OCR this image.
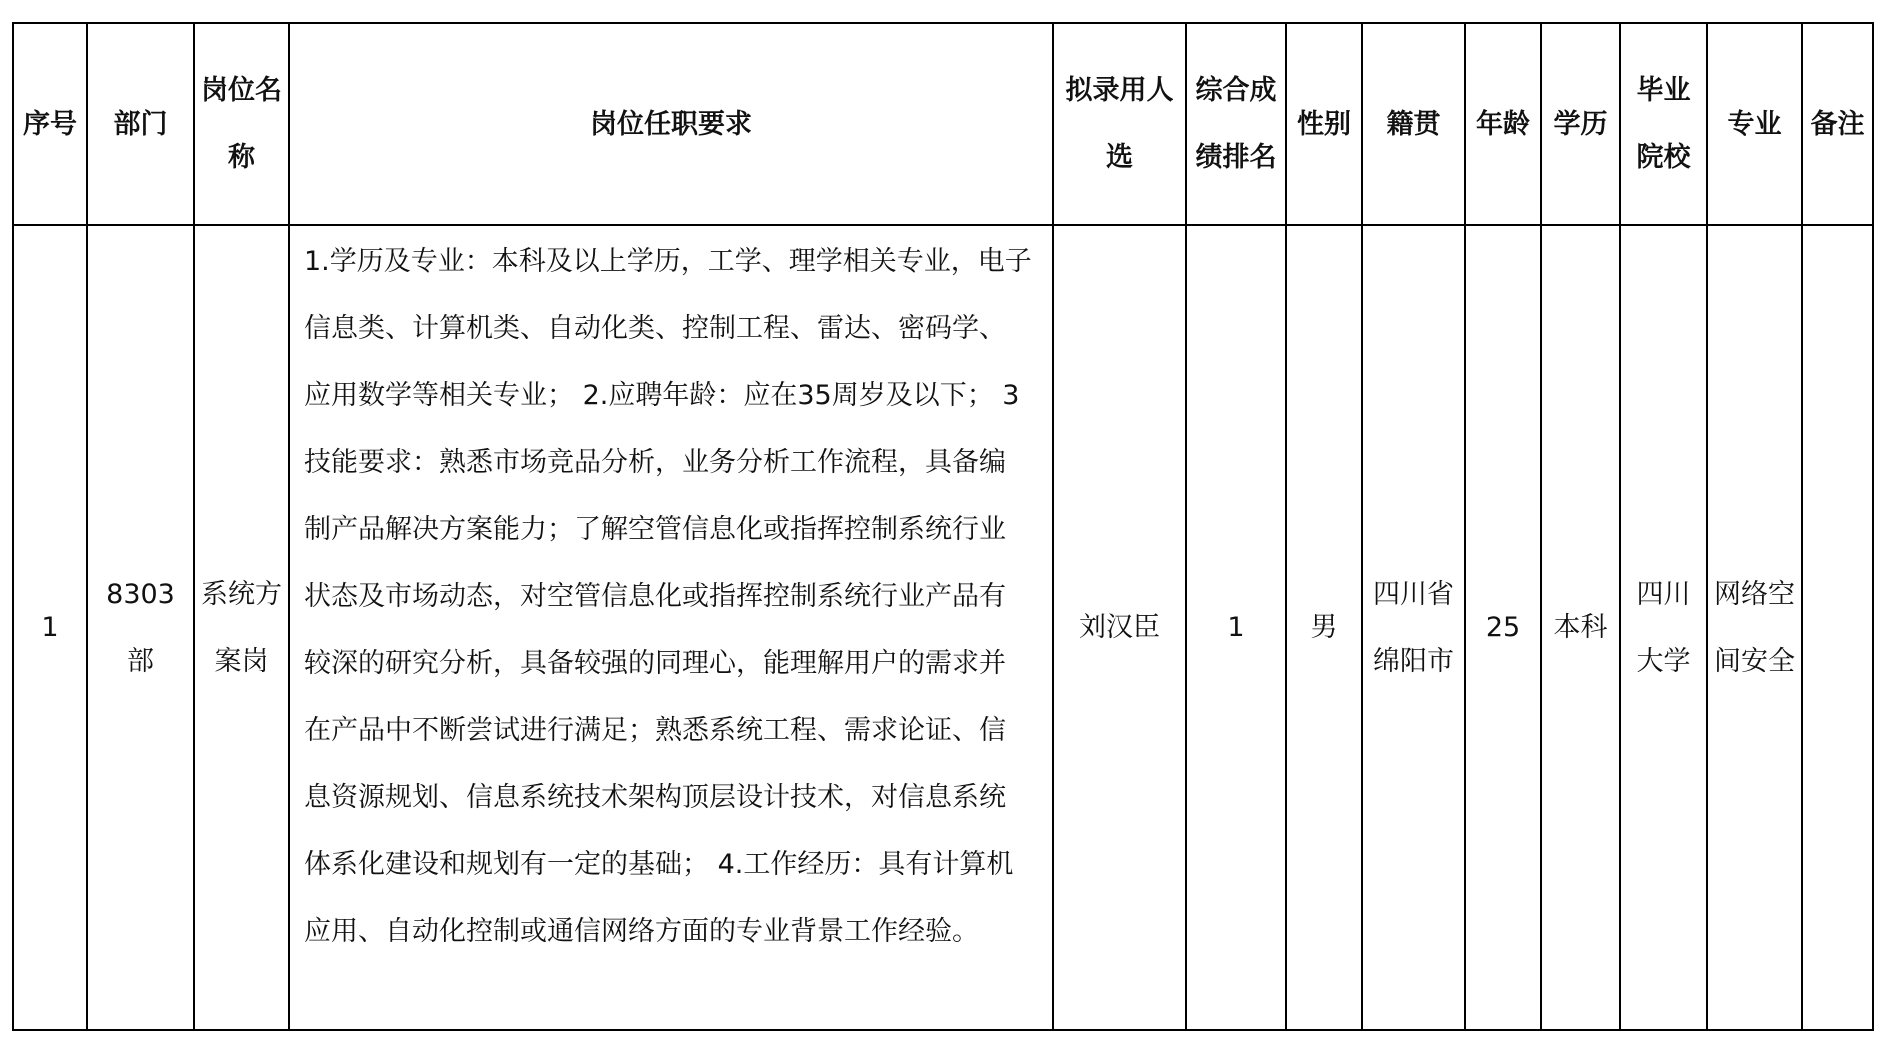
序号	部门	岗位名称	岗位任职要求	拟录用人选	综合成绩排名	性别	籍贯	年龄	学历	毕业院校	专业	备注
1	8303部	系统方案岗	1.学历及专业：本科及以上学历，工学、理学相关专业，电子信息类、计算机类、自动化类、控制工程、雷达、密码学、应用数学等相关专业； 2.应聘年龄：应在35周岁及以下； 3技能要求：熟悉市场竞品分析，业务分析工作流程，具备编制产品解决方案能力；了解空管信息化或指挥控制系统行业状态及市场动态，对空管信息化或指挥控制系统行业产品有较深的研究分析，具备较强的同理心，能理解用户的需求并在产品中不断尝试进行满足；熟悉系统工程、需求论证、信息资源规划、信息系统技术架构顶层设计技术，对信息系统体系化建设和规划有一定的基础； 4.工作经历：具有计算机应用、自动化控制或通信网络方面的专业背景工作经验。	刘汉臣	1	男	四川省绵阳市	25	本科	四川大学	网络空间安全	
